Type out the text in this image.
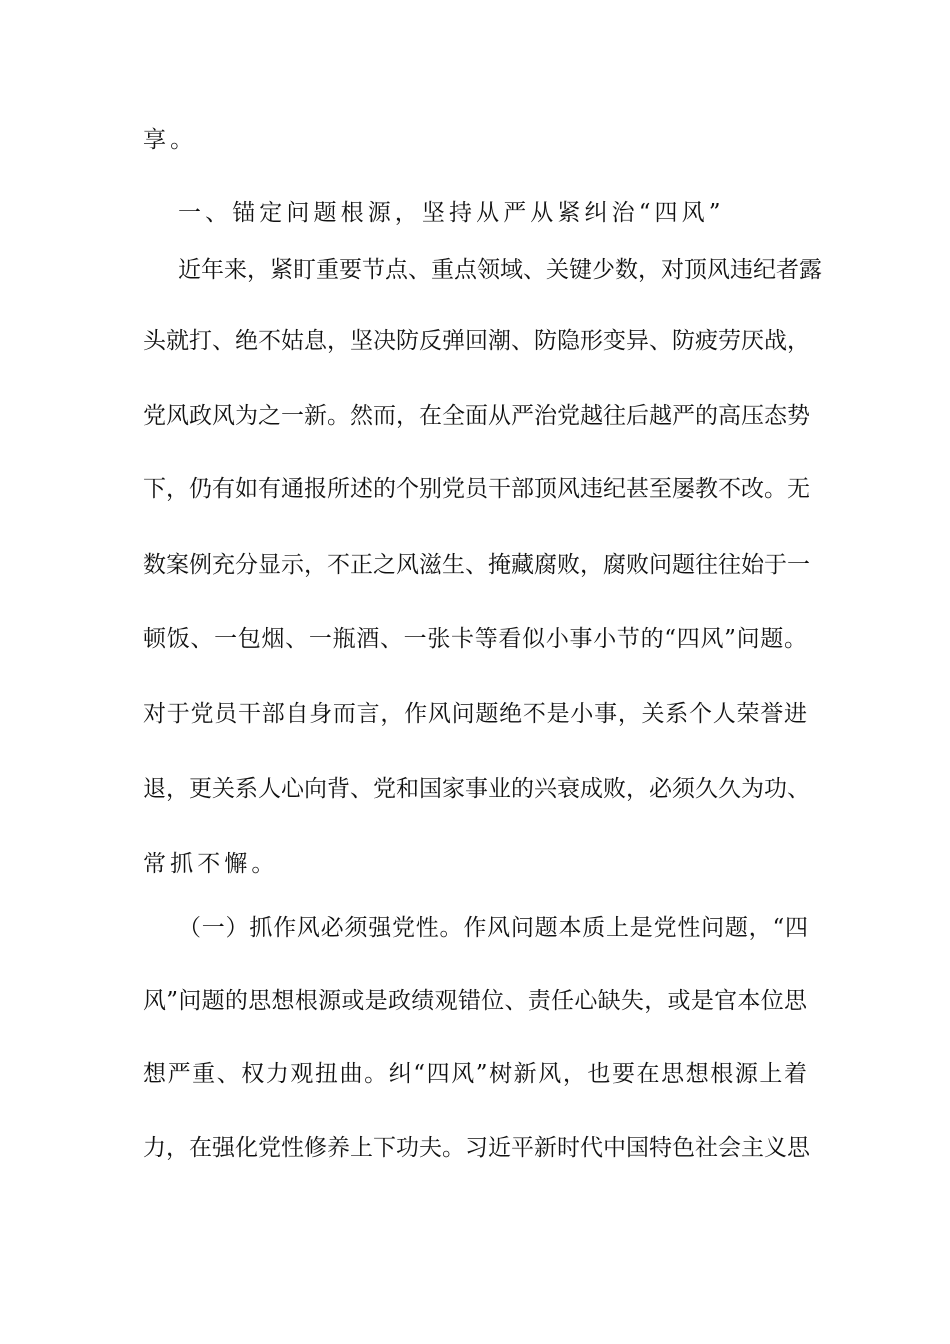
享。
一、锚定问题根源，坚持从严从紧纠治“四风”
近年来，紧盯重要节点、重点领域、关键少数，对顶风违纪者露
头就打、绝不姑息，坚决防反弹回潮、防隐形变异、防疲劳厌战，
党风政风为之一新。然而，在全面从严治党越往后越严的高压态势
下，仍有如有通报所述的个别党员干部顶风违纪甚至屡教不改。无
数案例充分显示，不正之风滋生、掩藏腐败，腐败问题往往始于一
顿饭、一包烟、一瓶酒、一张卡等看似小事小节的“四风”问题。
对于党员干部自身而言，作风问题绝不是小事，关系个人荣誉进
退，更关系人心向背、党和国家事业的兴衰成败，必须久久为功、
常抓不懈。
（一）抓作风必须强党性。作风问题本质上是党性问题，“四
风”问题的思想根源或是政绩观错位、责任心缺失，或是官本位思
想严重、权力观扭曲。纠“四风”树新风，也要在思想根源上着
力，在强化党性修养上下功夫。习近平新时代中国特色社会主义思
